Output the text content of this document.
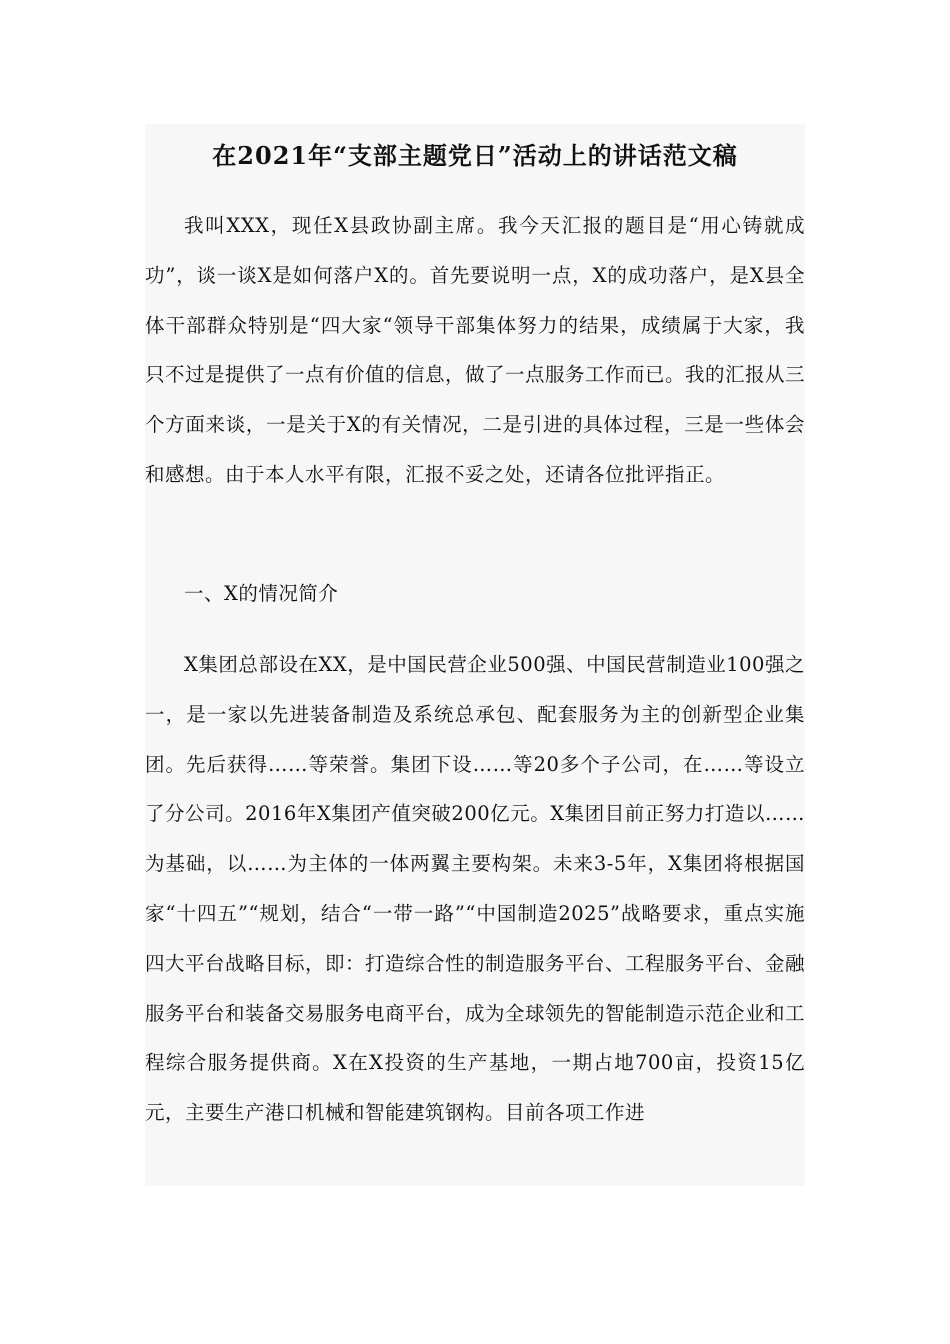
在2021年“支部主题党日”活动上的讲话范文稿

我叫XXX，现任X县政协副主席。我今天汇报的题目是“用心铸就成功”，谈一谈X是如何落户X的。首先要说明一点，X的成功落户，是X县全体干部群众特别是“四大家“领导干部集体努力的结果，成绩属于大家，我只不过是提供了一点有价值的信息，做了一点服务工作而已。我的汇报从三个方面来谈，一是关于X的有关情况，二是引进的具体过程，三是一些体会和感想。由于本人水平有限，汇报不妥之处，还请各位批评指正。

一、X的情况简介

X集团总部设在XX，是中国民营企业500强、中国民营制造业100强之一，是一家以先进装备制造及系统总承包、配套服务为主的创新型企业集团。先后获得……等荣誉。集团下设……等20多个子公司，在……等设立了分公司。2016年X集团产值突破200亿元。X集团目前正努力打造以……为基础，以……为主体的一体两翼主要构架。未来3-5年，X集团将根据国家“十四五”“规划，结合“一带一路”“中国制造2025”战略要求，重点实施四大平台战略目标，即：打造综合性的制造服务平台、工程服务平台、金融服务平台和装备交易服务电商平台，成为全球领先的智能制造示范企业和工程综合服务提供商。X在X投资的生产基地，一期占地700亩，投资15亿元，主要生产港口机械和智能建筑钢构。目前各项工作进
